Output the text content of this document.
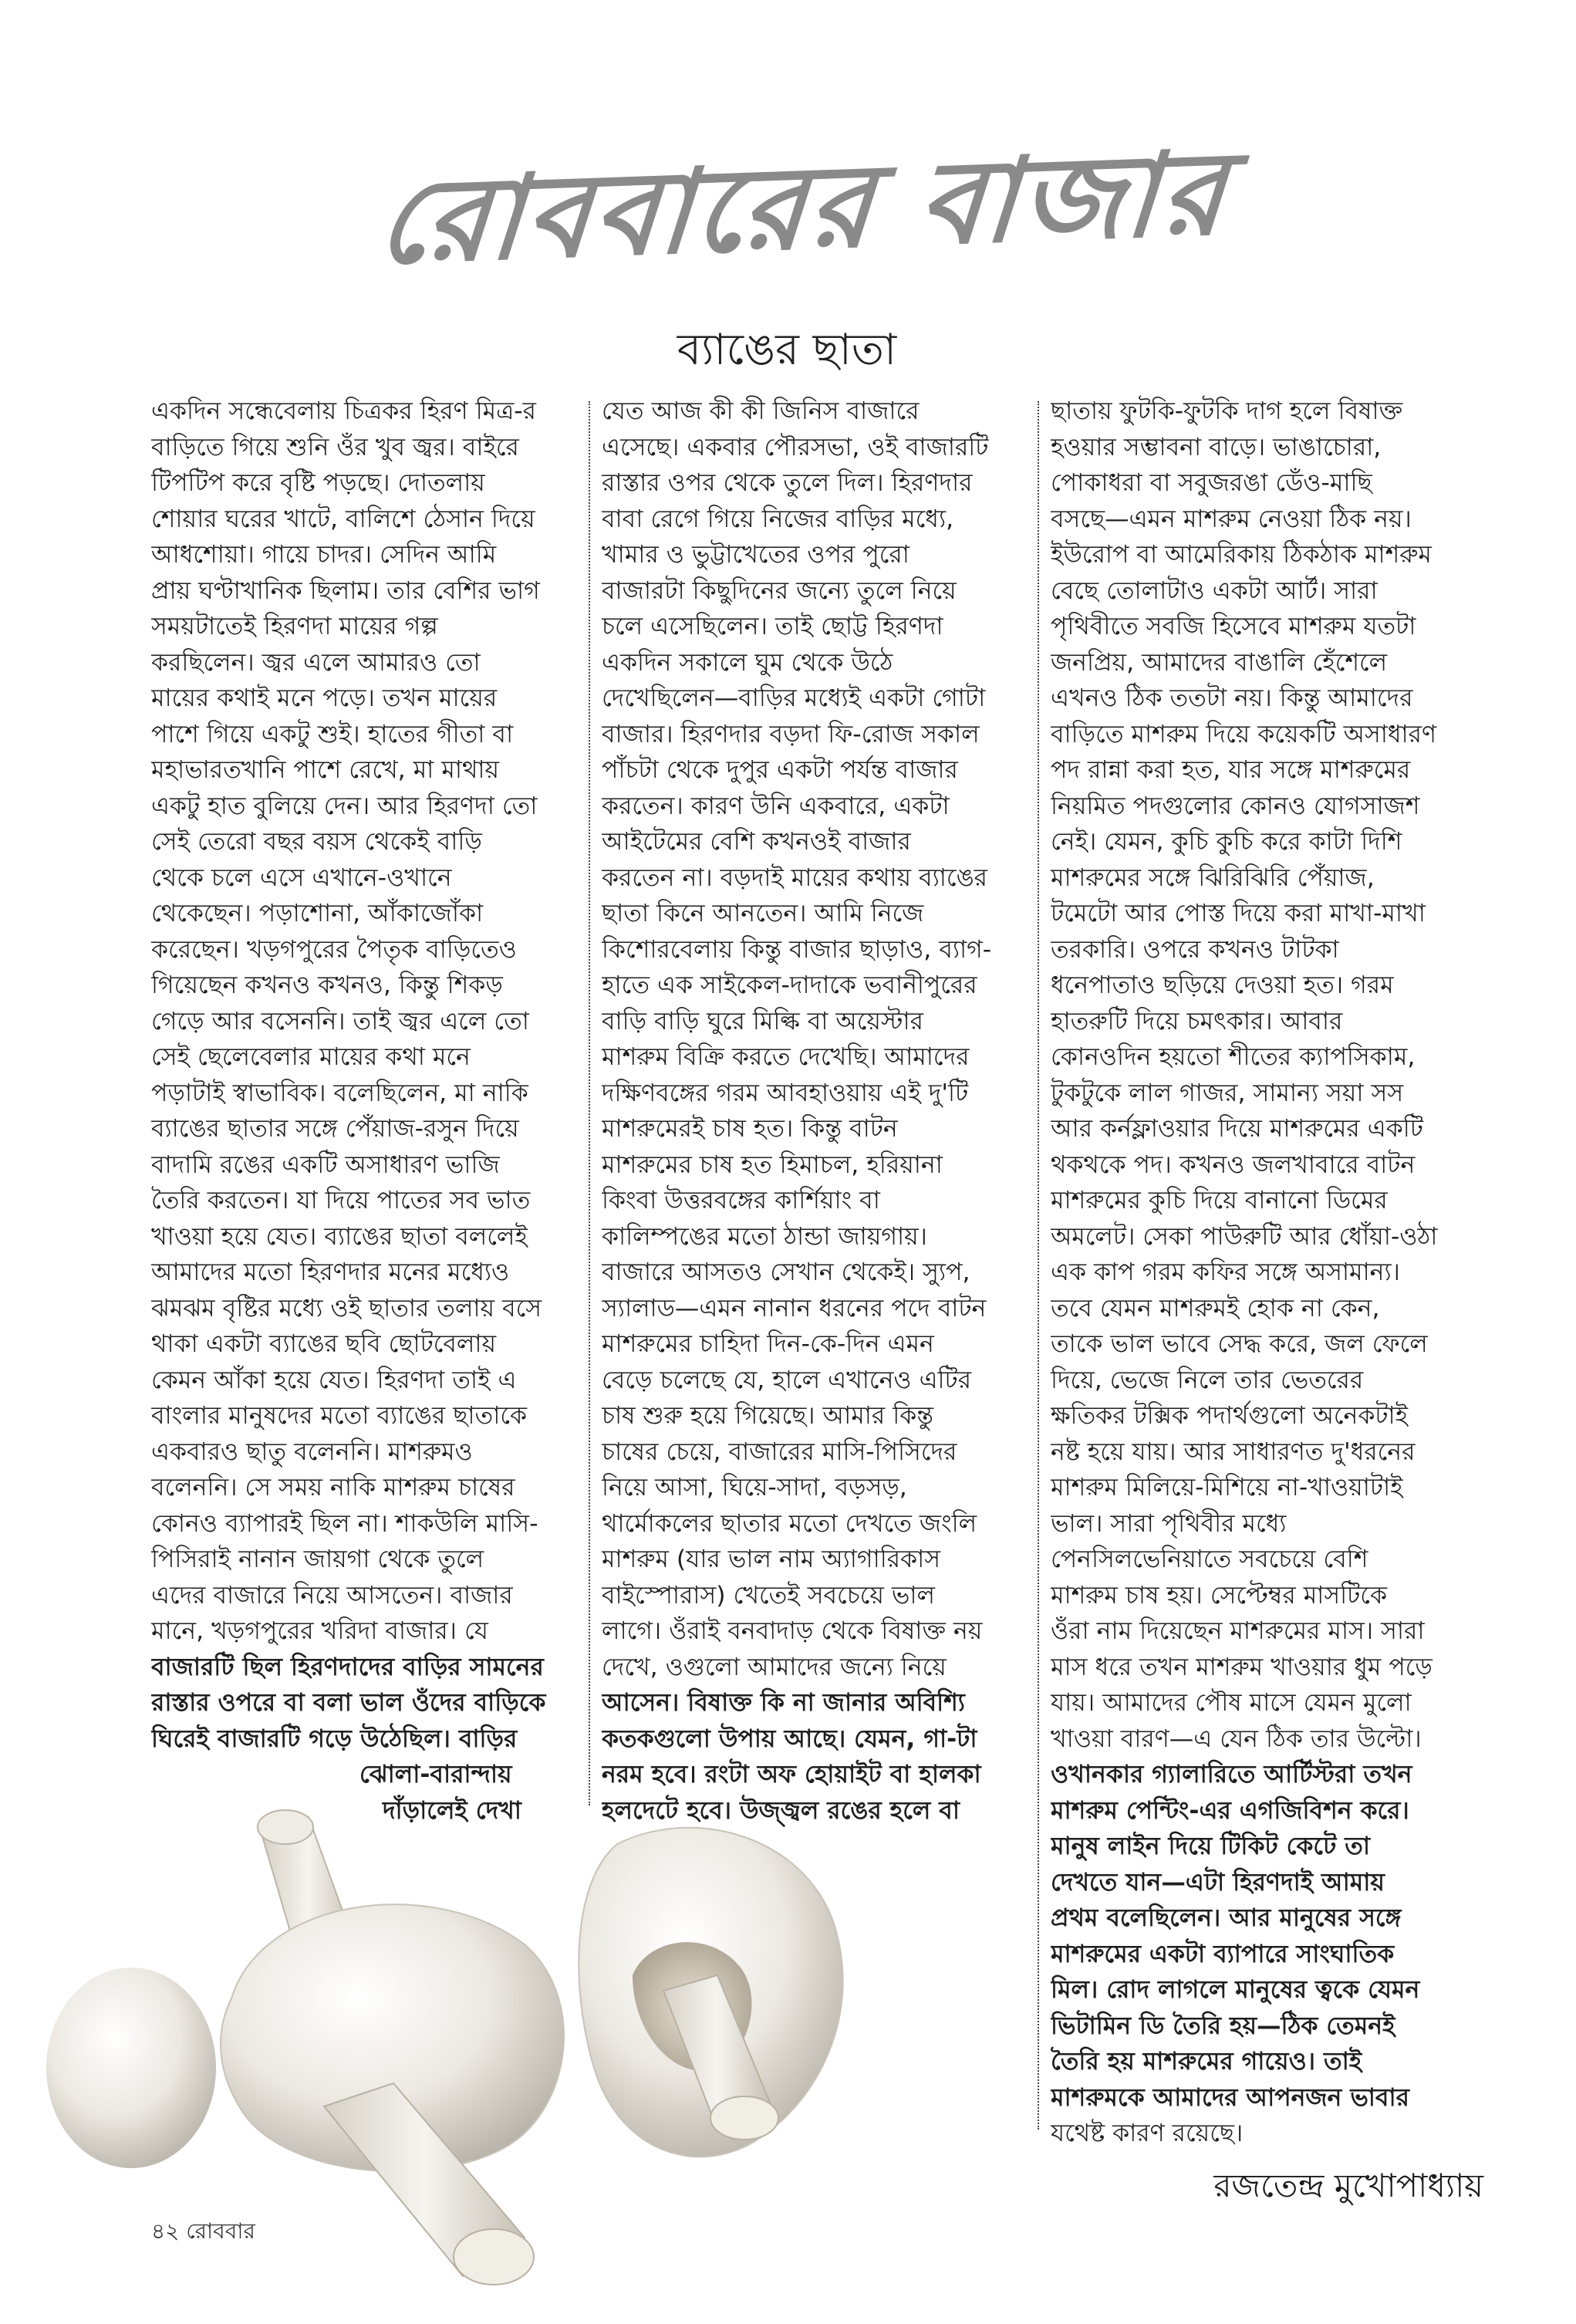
রোববারের বাজার
ব্যাঙের ছাতা
একদিন সন্ধেবেলায় চিত্রকর হিরণ মিত্র-র
বাড়িতে গিয়ে শুনি ওঁর খুব জ্বর। বাইরে
টিপটিপ করে বৃষ্টি পড়ছে। দোতলায়
শোয়ার ঘরের খাটে, বালিশে ঠেসান দিয়ে
আধশোয়া। গায়ে চাদর। সেদিন আমি
প্রায় ঘণ্টাখানিক ছিলাম। তার বেশির ভাগ
সময়টাতেই হিরণদা মায়ের গল্প
করছিলেন। জ্বর এলে আমারও তো
মায়ের কথাই মনে পড়ে। তখন মায়ের
পাশে গিয়ে একটু শুই। হাতের গীতা বা
মহাভারতখানি পাশে রেখে, মা মাথায়
একটু হাত বুলিয়ে দেন। আর হিরণদা তো
সেই তেরো বছর বয়স থেকেই বাড়ি
থেকে চলে এসে এখানে-ওখানে
থেকেছেন। পড়াশোনা, আঁকাজোঁকা
করেছেন। খড়গপুরের পৈতৃক বাড়িতেও
গিয়েছেন কখনও কখনও, কিন্তু শিকড়
গেড়ে আর বসেননি। তাই জ্বর এলে তো
সেই ছেলেবেলার মায়ের কথা মনে
পড়াটাই স্বাভাবিক। বলেছিলেন, মা নাকি
ব্যাঙের ছাতার সঙ্গে পেঁয়াজ-রসুন দিয়ে
বাদামি রঙের একটি অসাধারণ ভাজি
তৈরি করতেন। যা দিয়ে পাতের সব ভাত
খাওয়া হয়ে যেত। ব্যাঙের ছাতা বললেই
আমাদের মতো হিরণদার মনের মধ্যেও
ঝমঝম বৃষ্টির মধ্যে ওই ছাতার তলায় বসে
থাকা একটা ব্যাঙের ছবি ছোটবেলায়
কেমন আঁকা হয়ে যেত। হিরণদা তাই এ
বাংলার মানুষদের মতো ব্যাঙের ছাতাকে
একবারও ছাতু বলেননি। মাশরুমও
বলেননি। সে সময় নাকি মাশরুম চাষের
কোনও ব্যাপারই ছিল না। শাকউলি মাসি-
পিসিরাই নানান জায়গা থেকে তুলে
এদের বাজারে নিয়ে আসতেন। বাজার
মানে, খড়গপুরের খরিদা বাজার। যে
বাজারটি ছিল হিরণদাদের বাড়ির সামনের
রাস্তার ওপরে বা বলা ভাল ওঁদের বাড়িকে
ঘিরেই বাজারটি গড়ে উঠেছিল। বাড়ির
ঝোলা-বারান্দায়
দাঁড়ালেই দেখা
যেত আজ কী কী জিনিস বাজারে
এসেছে। একবার পৌরসভা, ওই বাজারটি
রাস্তার ওপর থেকে তুলে দিল। হিরণদার
বাবা রেগে গিয়ে নিজের বাড়ির মধ্যে,
খামার ও ভুট্টাখেতের ওপর পুরো
বাজারটা কিছুদিনের জন্যে তুলে নিয়ে
চলে এসেছিলেন। তাই ছোট্ট হিরণদা
একদিন সকালে ঘুম থেকে উঠে
দেখেছিলেন—বাড়ির মধ্যেই একটা গোটা
বাজার। হিরণদার বড়দা ফি-রোজ সকাল
পাঁচটা থেকে দুপুর একটা পর্যন্ত বাজার
করতেন। কারণ উনি একবারে, একটা
আইটেমের বেশি কখনওই বাজার
করতেন না। বড়দাই মায়ের কথায় ব্যাঙের
ছাতা কিনে আনতেন। আমি নিজে
কিশোরবেলায় কিন্তু বাজার ছাড়াও, ব্যাগ-
হাতে এক সাইকেল-দাদাকে ভবানীপুরের
বাড়ি বাড়ি ঘুরে মিল্কি বা অয়েস্টার
মাশরুম বিক্রি করতে দেখেছি। আমাদের
দক্ষিণবঙ্গের গরম আবহাওয়ায় এই দু'টি
মাশরুমেরই চাষ হত। কিন্তু বাটন
মাশরুমের চাষ হত হিমাচল, হরিয়ানা
কিংবা উত্তরবঙ্গের কার্শিয়াং বা
কালিম্পঙের মতো ঠান্ডা জায়গায়।
বাজারে আসতও সেখান থেকেই। স্যুপ,
স্যালাড—এমন নানান ধরনের পদে বাটন
মাশরুমের চাহিদা দিন-কে-দিন এমন
বেড়ে চলেছে যে, হালে এখানেও এটির
চাষ শুরু হয়ে গিয়েছে। আমার কিন্তু
চাষের চেয়ে, বাজারের মাসি-পিসিদের
নিয়ে আসা, ঘিয়ে-সাদা, বড়সড়,
থার্মোকলের ছাতার মতো দেখতে জংলি
মাশরুম (যার ভাল নাম অ্যাগারিকাস
বাইস্পোরাস) খেতেই সবচেয়ে ভাল
লাগে। ওঁরাই বনবাদাড় থেকে বিষাক্ত নয়
দেখে, ওগুলো আমাদের জন্যে নিয়ে
আসেন। বিষাক্ত কি না জানার অবিশ্যি
কতকগুলো উপায় আছে। যেমন, গা-টা
নরম হবে। রংটা অফ হোয়াইট বা হালকা
হলদেটে হবে। উজ্জ্বল রঙের হলে বা
ছাতায় ফুটকি-ফুটকি দাগ হলে বিষাক্ত
হওয়ার সম্ভাবনা বাড়ে। ভাঙাচোরা,
পোকাধরা বা সবুজরঙা ডেঁও-মাছি
বসছে—এমন মাশরুম নেওয়া ঠিক নয়।
ইউরোপ বা আমেরিকায় ঠিকঠাক মাশরুম
বেছে তোলাটাও একটা আর্ট। সারা
পৃথিবীতে সবজি হিসেবে মাশরুম যতটা
জনপ্রিয়, আমাদের বাঙালি হেঁশেলে
এখনও ঠিক ততটা নয়। কিন্তু আমাদের
বাড়িতে মাশরুম দিয়ে কয়েকটি অসাধারণ
পদ রান্না করা হত, যার সঙ্গে মাশরুমের
নিয়মিত পদগুলোর কোনও যোগসাজশ
নেই। যেমন, কুচি কুচি করে কাটা দিশি
মাশরুমের সঙ্গে ঝিরিঝিরি পেঁয়াজ,
টমেটো আর পোস্ত দিয়ে করা মাখা-মাখা
তরকারি। ওপরে কখনও টাটকা
ধনেপাতাও ছড়িয়ে দেওয়া হত। গরম
হাতরুটি দিয়ে চমৎকার। আবার
কোনওদিন হয়তো শীতের ক্যাপসিকাম,
টুকটুকে লাল গাজর, সামান্য সয়া সস
আর কর্নফ্লাওয়ার দিয়ে মাশরুমের একটি
থকথকে পদ। কখনও জলখাবারে বাটন
মাশরুমের কুচি দিয়ে বানানো ডিমের
অমলেট। সেকা পাউরুটি আর ধোঁয়া-ওঠা
এক কাপ গরম কফির সঙ্গে অসামান্য।
তবে যেমন মাশরুমই হোক না কেন,
তাকে ভাল ভাবে সেদ্ধ করে, জল ফেলে
দিয়ে, ভেজে নিলে তার ভেতরের
ক্ষতিকর টক্সিক পদার্থগুলো অনেকটাই
নষ্ট হয়ে যায়। আর সাধারণত দু'ধরনের
মাশরুম মিলিয়ে-মিশিয়ে না-খাওয়াটাই
ভাল। সারা পৃথিবীর মধ্যে
পেনসিলভেনিয়াতে সবচেয়ে বেশি
মাশরুম চাষ হয়। সেপ্টেম্বর মাসটিকে
ওঁরা নাম দিয়েছেন মাশরুমের মাস। সারা
মাস ধরে তখন মাশরুম খাওয়ার ধুম পড়ে
যায়। আমাদের পৌষ মাসে যেমন মুলো
খাওয়া বারণ—এ যেন ঠিক তার উল্টো।
ওখানকার গ্যালারিতে আর্টিস্টরা তখন
মাশরুম পেন্টিং-এর এগজিবিশন করে।
মানুষ লাইন দিয়ে টিকিট কেটে তা
দেখতে যান—এটা হিরণদাই আমায়
প্রথম বলেছিলেন। আর মানুষের সঙ্গে
মাশরুমের একটা ব্যাপারে সাংঘাতিক
মিল। রোদ লাগলে মানুষের ত্বকে যেমন
ভিটামিন ডি তৈরি হয়—ঠিক তেমনই
তৈরি হয় মাশরুমের গায়েও। তাই
মাশরুমকে আমাদের আপনজন ভাবার
যথেষ্ট কারণ রয়েছে।
রজতেন্দ্র মুখোপাধ্যায়
৪২ রোববার
